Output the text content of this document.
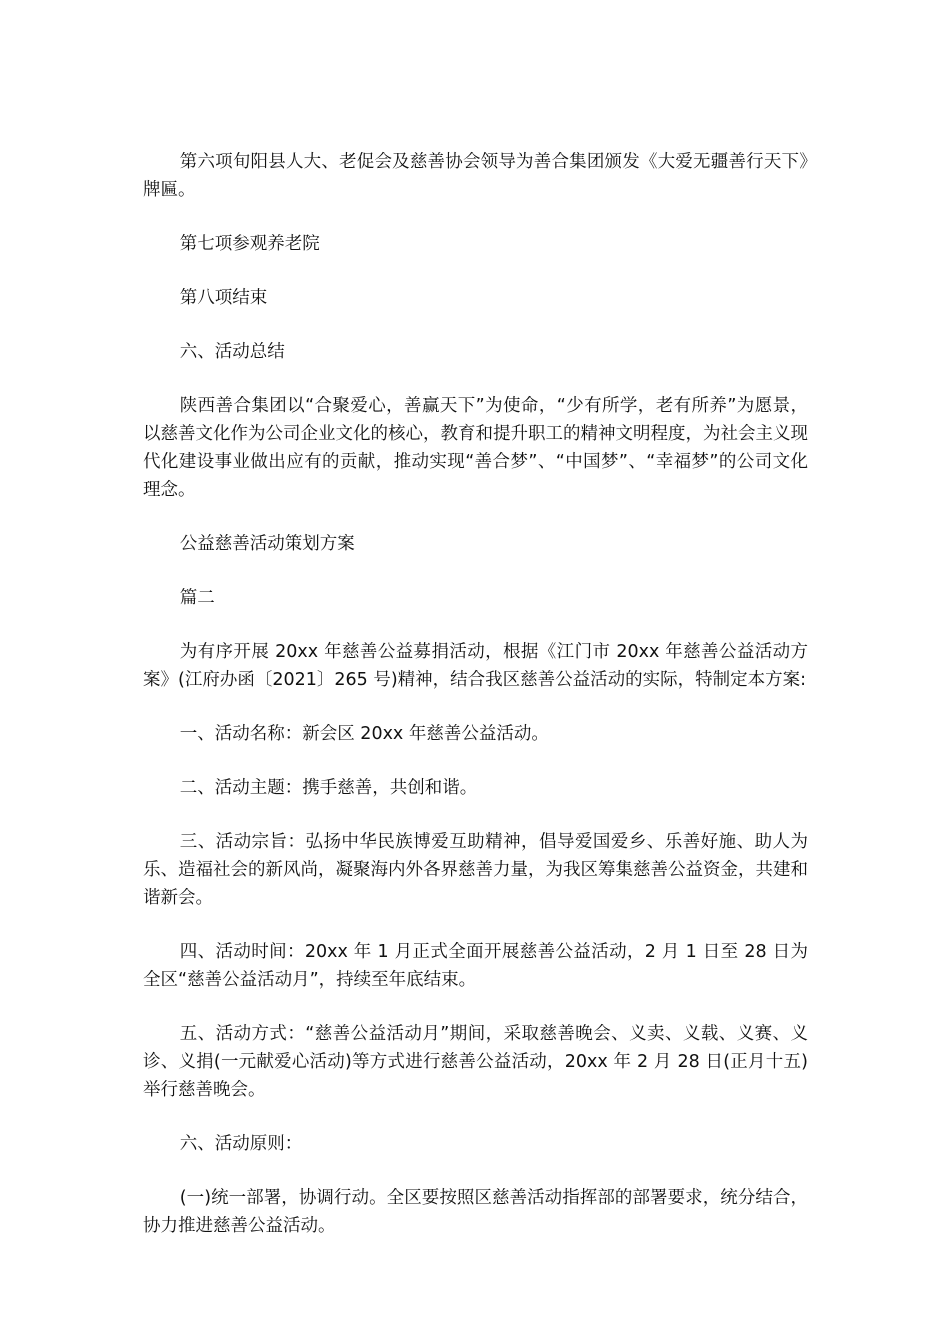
第六项旬阳县人大、老促会及慈善协会领导为善合集团颁发《大爱无疆善行天下》牌匾。

第七项参观养老院

第八项结束

六、活动总结

陕西善合集团以“合聚爱心，善赢天下”为使命，“少有所学，老有所养”为愿景，以慈善文化作为公司企业文化的核心，教育和提升职工的精神文明程度，为社会主义现代化建设事业做出应有的贡献，推动实现“善合梦”、“中国梦”、“幸福梦”的公司文化理念。

公益慈善活动策划方案

篇二

为有序开展 20xx 年慈善公益募捐活动，根据《江门市 20xx 年慈善公益活动方案》(江府办函〔2021〕265 号)精神，结合我区慈善公益活动的实际，特制定本方案:

一、活动名称：新会区 20xx 年慈善公益活动。

二、活动主题：携手慈善，共创和谐。

三、活动宗旨：弘扬中华民族博爱互助精神，倡导爱国爱乡、乐善好施、助人为乐、造福社会的新风尚，凝聚海内外各界慈善力量，为我区筹集慈善公益资金，共建和谐新会。

四、活动时间：20xx 年 1 月正式全面开展慈善公益活动，2 月 1 日至 28 日为全区“慈善公益活动月”，持续至年底结束。

五、活动方式：“慈善公益活动月”期间，采取慈善晚会、义卖、义载、义赛、义诊、义捐(一元献爱心活动)等方式进行慈善公益活动，20xx 年 2 月 28 日(正月十五)举行慈善晚会。

六、活动原则：

(一)统一部署，协调行动。全区要按照区慈善活动指挥部的部署要求，统分结合，协力推进慈善公益活动。
